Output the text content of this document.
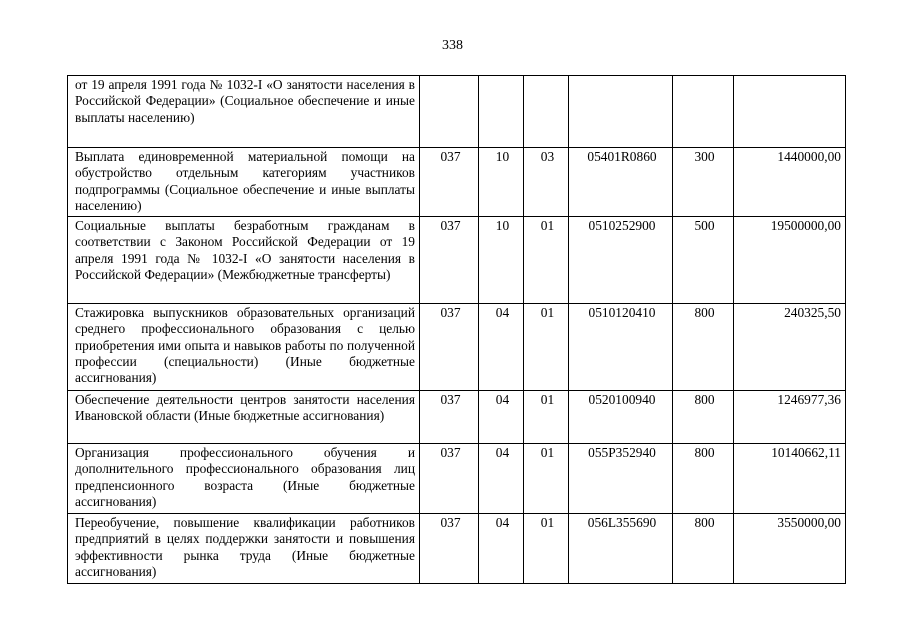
338
от 19 апреля 1991 года № 1032-I «О занятости населения в Российской Федерации» (Социальное обеспечение и иные выплаты населению)						
Выплата единовременной материальной помощи на обустройство отдельным категориям участников подпрограммы (Социальное обеспечение и иные выплаты населению)	037	10	03	05401R0860	300	1440000,00
Социальные выплаты безработным гражданам в соответствии с Законом Российской Федерации от 19 апреля 1991 года № 1032-I «О занятости населения в Российской Федерации» (Межбюджетные трансферты)	037	10	01	0510252900	500	19500000,00
Стажировка выпускников образовательных организаций среднего профессионального образования с целью приобретения ими опыта и навыков работы по полученной профессии (специальности) (Иные бюджетные ассигнования)	037	04	01	0510120410	800	240325,50
Обеспечение деятельности центров занятости населения Ивановской области (Иные бюджетные ассигнования)	037	04	01	0520100940	800	1246977,36
Организация профессионального обучения и дополнительного профессионального образования лиц предпенсионного возраста (Иные бюджетные ассигнования)	037	04	01	055P352940	800	10140662,11
Переобучение, повышение квалификации работников предприятий в целях поддержки занятости и повышения эффективности рынка труда (Иные бюджетные ассигнования)	037	04	01	056L355690	800	3550000,00
